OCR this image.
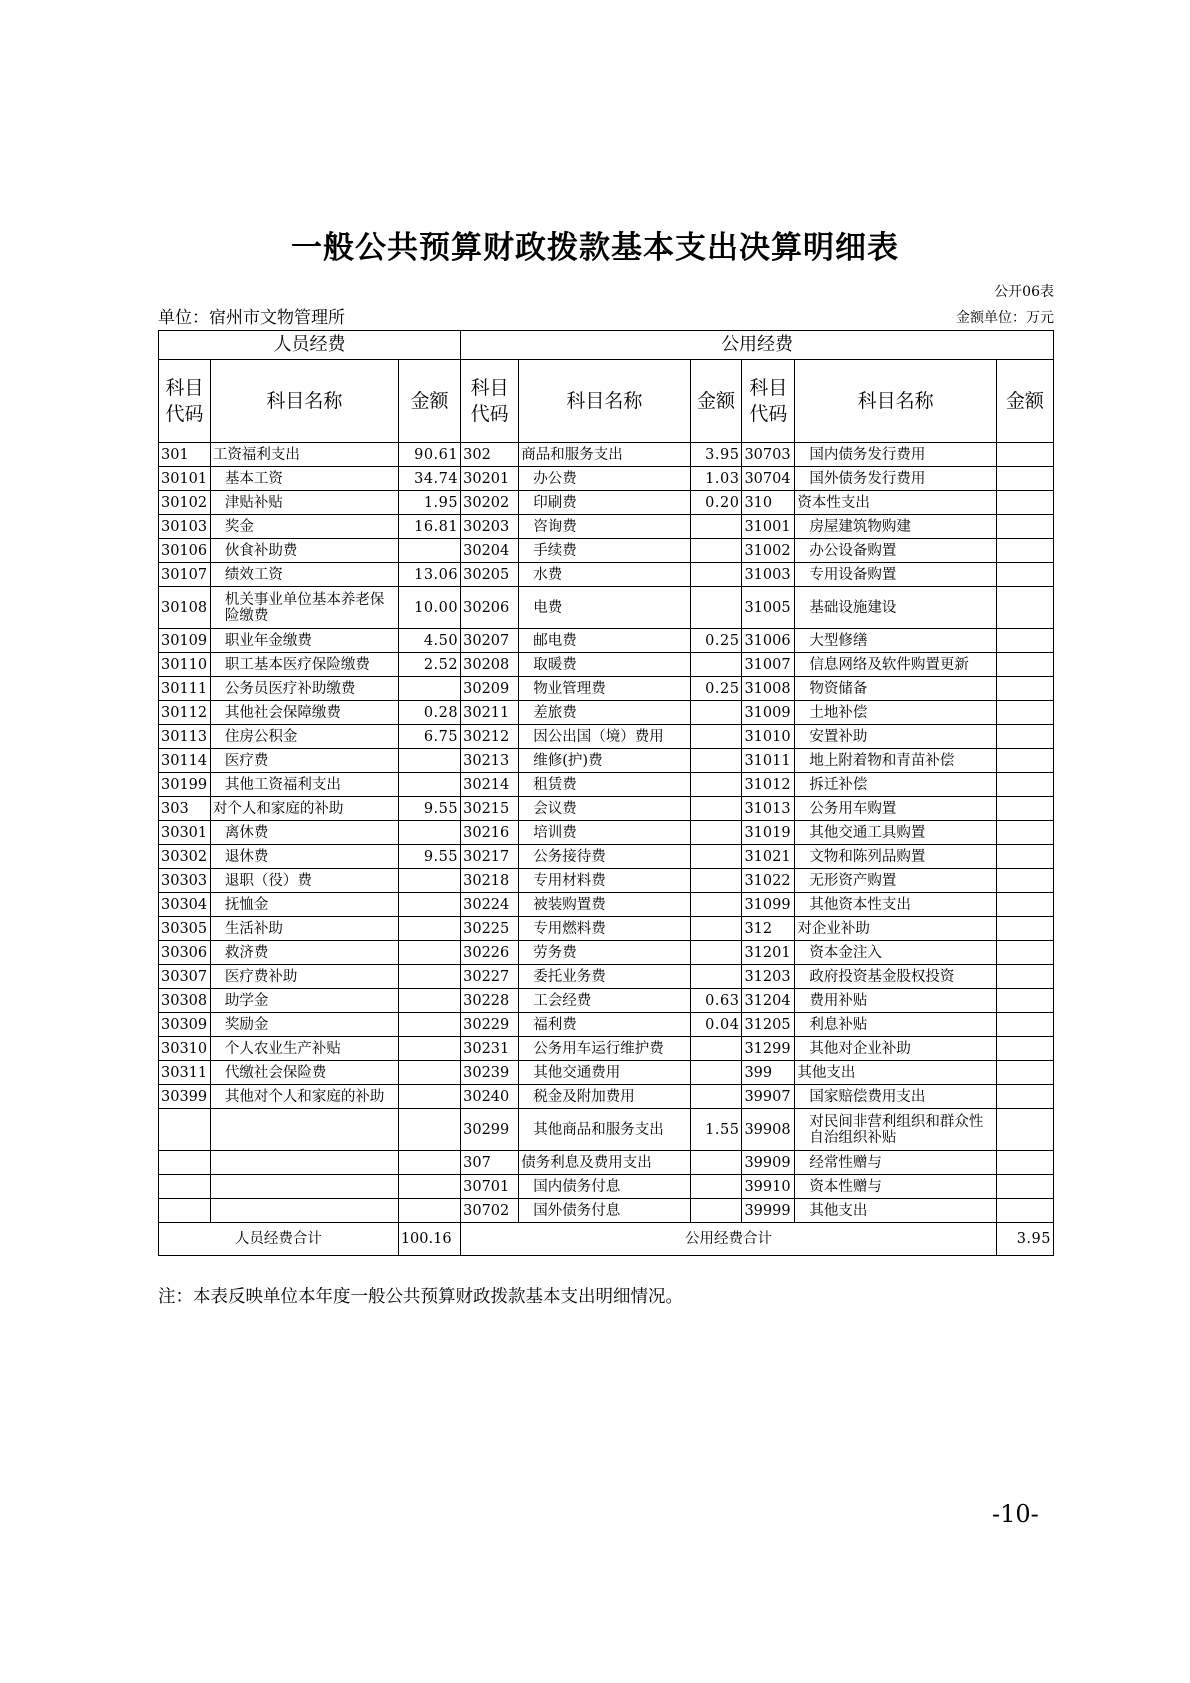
一般公共预算财政拨款基本支出决算明细表
公开06表
单位：宿州市文物管理所	金额单位：万元
人员经费			公用经费					
科目代码	科目名称	金额	科目代码	科目名称	金额	科目代码	科目名称	金额
301	工资福利支出	90.61	302	商品和服务支出	3.95	30703	国内债务发行费用	
30101	基本工资	34.74	30201	办公费	1.03	30704	国外债务发行费用	
30102	津贴补贴	1.95	30202	印刷费	0.20	310	资本性支出	
30103	奖金	16.81	30203	咨询费		31001	房屋建筑物购建	
30106	伙食补助费		30204	手续费		31002	办公设备购置	
30107	绩效工资	13.06	30205	水费		31003	专用设备购置	
30108	机关事业单位基本养老保险缴费	10.00	30206	电费		31005	基础设施建设	
30109	职业年金缴费	4.50	30207	邮电费	0.25	31006	大型修缮	
30110	职工基本医疗保险缴费	2.52	30208	取暖费		31007	信息网络及软件购置更新	
30111	公务员医疗补助缴费		30209	物业管理费	0.25	31008	物资储备	
30112	其他社会保障缴费	0.28	30211	差旅费		31009	土地补偿	
30113	住房公积金	6.75	30212	因公出国（境）费用		31010	安置补助	
30114	医疗费		30213	维修(护)费		31011	地上附着物和青苗补偿	
30199	其他工资福利支出		30214	租赁费		31012	拆迁补偿	
303	对个人和家庭的补助	9.55	30215	会议费		31013	公务用车购置	
30301	离休费		30216	培训费		31019	其他交通工具购置	
30302	退休费	9.55	30217	公务接待费		31021	文物和陈列品购置	
30303	退职（役）费		30218	专用材料费		31022	无形资产购置	
30304	抚恤金		30224	被装购置费		31099	其他资本性支出	
30305	生活补助		30225	专用燃料费		312	对企业补助	
30306	救济费		30226	劳务费		31201	资本金注入	
30307	医疗费补助		30227	委托业务费		31203	政府投资基金股权投资	
30308	助学金		30228	工会经费	0.63	31204	费用补贴	
30309	奖励金		30229	福利费	0.04	31205	利息补贴	
30310	个人农业生产补贴		30231	公务用车运行维护费		31299	其他对企业补助	
30311	代缴社会保险费		30239	其他交通费用		399	其他支出	
30399	其他对个人和家庭的补助		30240	税金及附加费用		39907	国家赔偿费用支出	
			30299	其他商品和服务支出	1.55	39908	对民间非营利组织和群众性自治组织补贴	
			307	债务利息及费用支出		39909	经常性赠与	
			30701	国内债务付息		39910	资本性赠与	
			30702	国外债务付息		39999	其他支出	
人员经费合计		100.16	公用经费合计					3.95
注：本表反映单位本年度一般公共预算财政拨款基本支出明细情况。
-10-
